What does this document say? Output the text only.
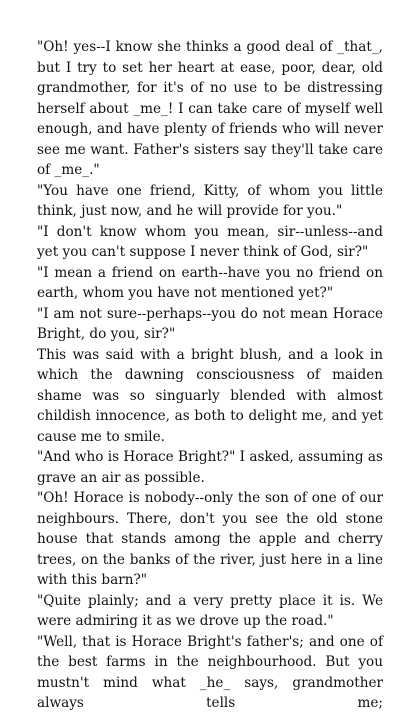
"Oh! yes--I know she thinks a good deal of _that_, but I try to set her heart at ease, poor, dear, old grandmother, for it's of no use to be distressing herself about _me_! I can take care of myself well enough, and have plenty of friends who will never see me want. Father's sisters say they'll take care of _me_."

"You have one friend, Kitty, of whom you little think, just now, and he will provide for you."

"I don't know whom you mean, sir--unless--and yet you can't suppose I never think of God, sir?"

"I mean a friend on earth--have you no friend on earth, whom you have not mentioned yet?"

"I am not sure--perhaps--you do not mean Horace Bright, do you, sir?"

This was said with a bright blush, and a look in which the dawning consciousness of maiden shame was so singuarly blended with almost childish innocence, as both to delight me, and yet cause me to smile.

"And who is Horace Bright?" I asked, assuming as grave an air as possible.

"Oh! Horace is nobody--only the son of one of our neighbours. There, don't you see the old stone house that stands among the apple and cherry trees, on the banks of the river, just here in a line with this barn?"

"Quite plainly; and a very pretty place it is. We were admiring it as we drove up the road."

"Well, that is Horace Bright's father's; and one of the best farms in the neighbourhood. But you mustn't mind what _he_ says, grandmother always tells me;
